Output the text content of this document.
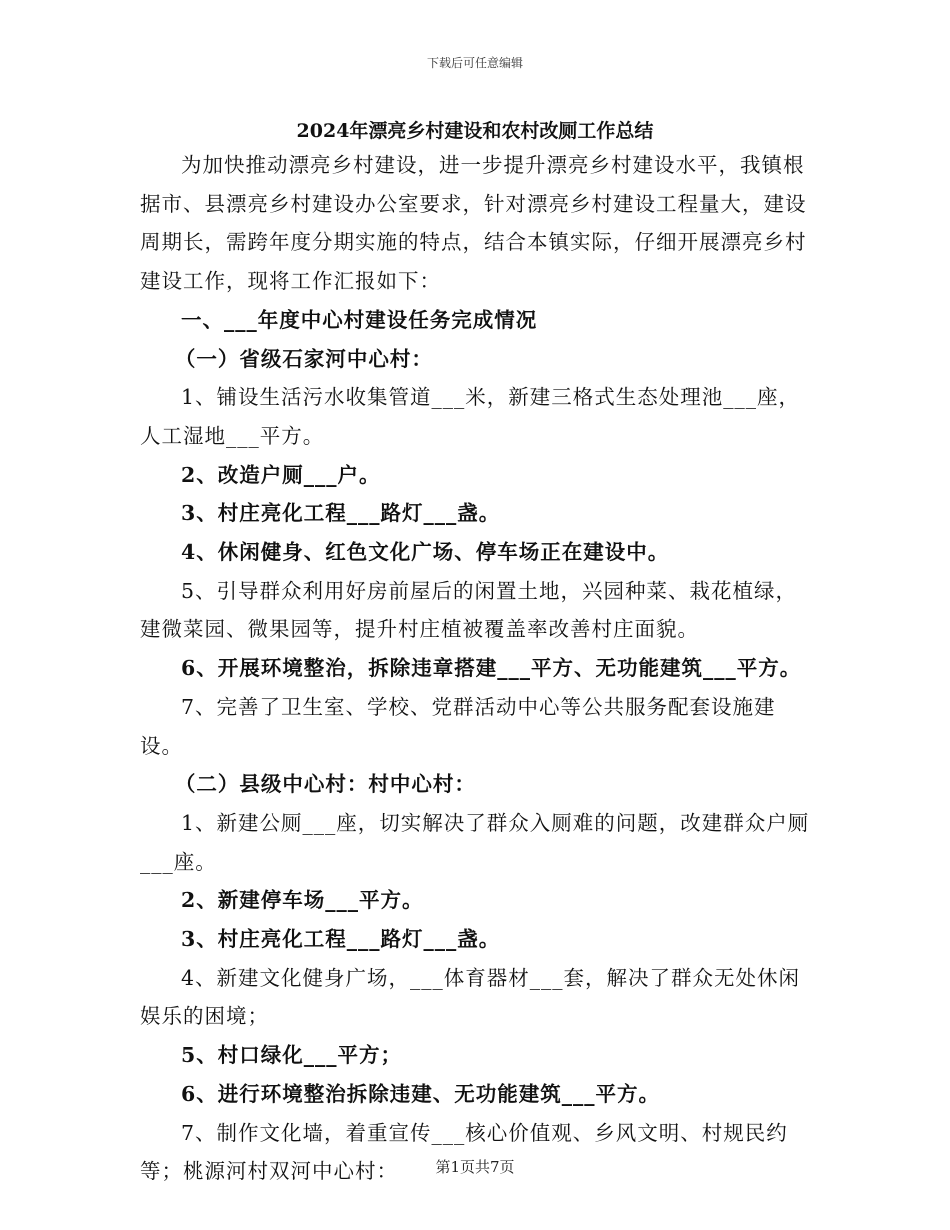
下载后可任意编辑
2024年漂亮乡村建设和农村改厕工作总结

为加快推动漂亮乡村建设，进一步提升漂亮乡村建设水平，我镇根据市、县漂亮乡村建设办公室要求，针对漂亮乡村建设工程量大，建设周期长，需跨年度分期实施的特点，结合本镇实际，仔细开展漂亮乡村建设工作，现将工作汇报如下：

一、___年度中心村建设任务完成情况

（一）省级石家河中心村：

1、铺设生活污水收集管道___米，新建三格式生态处理池___座，人工湿地___平方。

2、改造户厕___户。

3、村庄亮化工程___路灯___盏。

4、休闲健身、红色文化广场、停车场正在建设中。

5、引导群众利用好房前屋后的闲置土地，兴园种菜、栽花植绿，建微菜园、微果园等，提升村庄植被覆盖率改善村庄面貌。

6、开展环境整治，拆除违章搭建___平方、无功能建筑___平方。

7、完善了卫生室、学校、党群活动中心等公共服务配套设施建设。

（二）县级中心村：村中心村：

1、新建公厕___座，切实解决了群众入厕难的问题，改建群众户厕___座。

2、新建停车场___平方。

3、村庄亮化工程___路灯___盏。

4、新建文化健身广场，___体育器材___套，解决了群众无处休闲娱乐的困境；

5、村口绿化___平方；

6、进行环境整治拆除违建、无功能建筑___平方。

7、制作文化墙，着重宣传___核心价值观、乡风文明、村规民约等；桃源河村双河中心村：	第1页共7页
